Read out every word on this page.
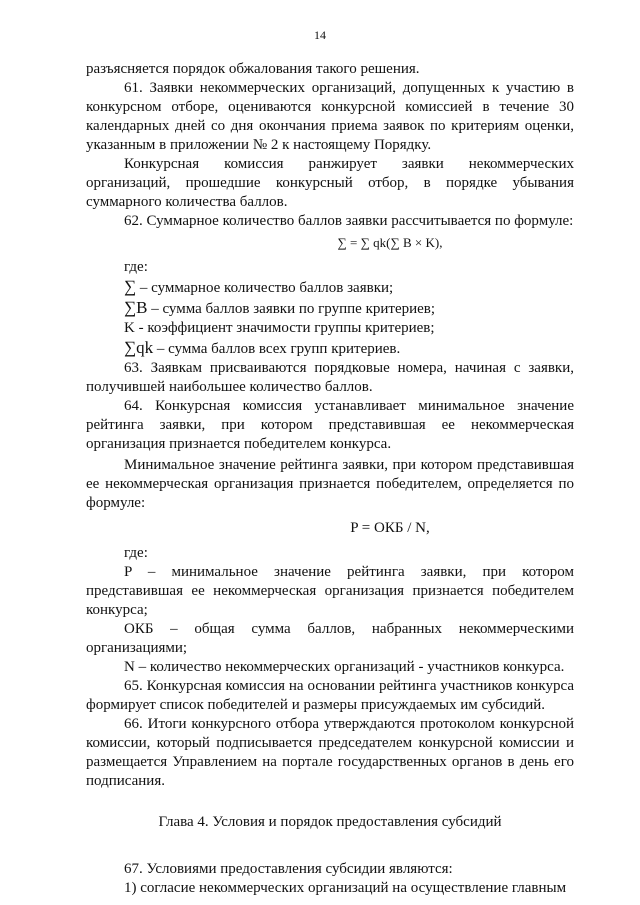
14

разъясняется порядок обжалования такого решения.

61. Заявки некоммерческих организаций, допущенных к участию в конкурсном отборе, оцениваются конкурсной комиссией в течение 30 календарных дней со дня окончания приема заявок по критериям оценки, указанным в приложении № 2 к настоящему Порядку.

Конкурсная комиссия ранжирует заявки некоммерческих организаций, прошедшие конкурсный отбор, в порядке убывания суммарного количества баллов.

62. Суммарное количество баллов заявки рассчитывается по формуле:

∑ = ∑ qk(∑ B × K),

где:

∑ – суммарное количество баллов заявки;

∑B – сумма баллов заявки по группе критериев;

K - коэффициент значимости группы критериев;

∑qk – сумма баллов всех групп критериев.

63. Заявкам присваиваются порядковые номера, начиная с заявки, получившей наибольшее количество баллов.

64. Конкурсная комиссия устанавливает минимальное значение рейтинга заявки, при котором представившая ее некоммерческая организация признается победителем конкурса.

Минимальное значение рейтинга заявки, при котором представившая ее некоммерческая организация признается победителем, определяется по формуле:

P = ОКБ / N,

где:

P – минимальное значение рейтинга заявки, при котором представившая ее некоммерческая организация признается победителем конкурса;

ОКБ – общая сумма баллов, набранных некоммерческими организациями;

N – количество некоммерческих организаций - участников конкурса.

65. Конкурсная комиссия на основании рейтинга участников конкурса формирует список победителей и размеры присуждаемых им субсидий.

66. Итоги конкурсного отбора утверждаются протоколом конкурсной комиссии, который подписывается председателем конкурсной комиссии и размещается Управлением на портале государственных органов в день его подписания.

Глава 4. Условия и порядок предоставления субсидий

67. Условиями предоставления субсидии являются:

1) согласие некоммерческих организаций на осуществление главным
